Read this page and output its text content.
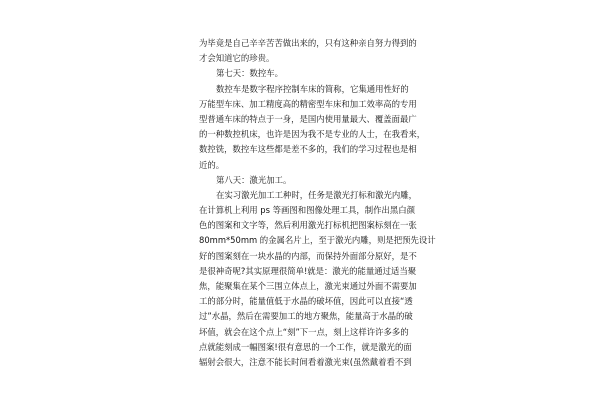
为毕竟是自己辛辛苦苦做出来的，只有这种亲自努力得到的
才会知道它的珍贵。
第七天：数控车。
数控车是数字程序控制车床的简称，它集通用性好的
万能型车床、加工精度高的精密型车床和加工效率高的专用
型普通车床的特点于一身，是国内使用量最大、覆盖面最广
的一种数控机床，也许是因为我不是专业的人士，在我看来，
数控铣，数控车这些都是差不多的，我们的学习过程也是相
近的。
第八天：激光加工。
在实习激光加工工种时，任务是激光打标和激光内雕，
在计算机上利用 ps 等画图和图像处理工具，制作出黑白颜
色的图案和文字等，然后利用激光打标机把图案标刻在一张
80mm*50mm 的金属名片上，至于激光内雕，则是把预先设计
好的图案刻在一块水晶的内部，而保持外面部分原好，是不
是很神奇呢?其实原理很简单!就是：激光的能量通过适当聚
焦，能聚集在某个三围立体点上，激光束通过外面不需要加
工的部分时，能量值低于水晶的破坏值，因此可以直接“透
过”水晶，然后在需要加工的地方聚焦，能量高于水晶的破
坏值，就会在这个点上“刻”下一点，刻上这样许许多多的
点就能刻成一幅图案!很有意思的一个工作，就是激光的面
辐射会很大，注意不能长时间看着激光束(虽然戴着看不到
